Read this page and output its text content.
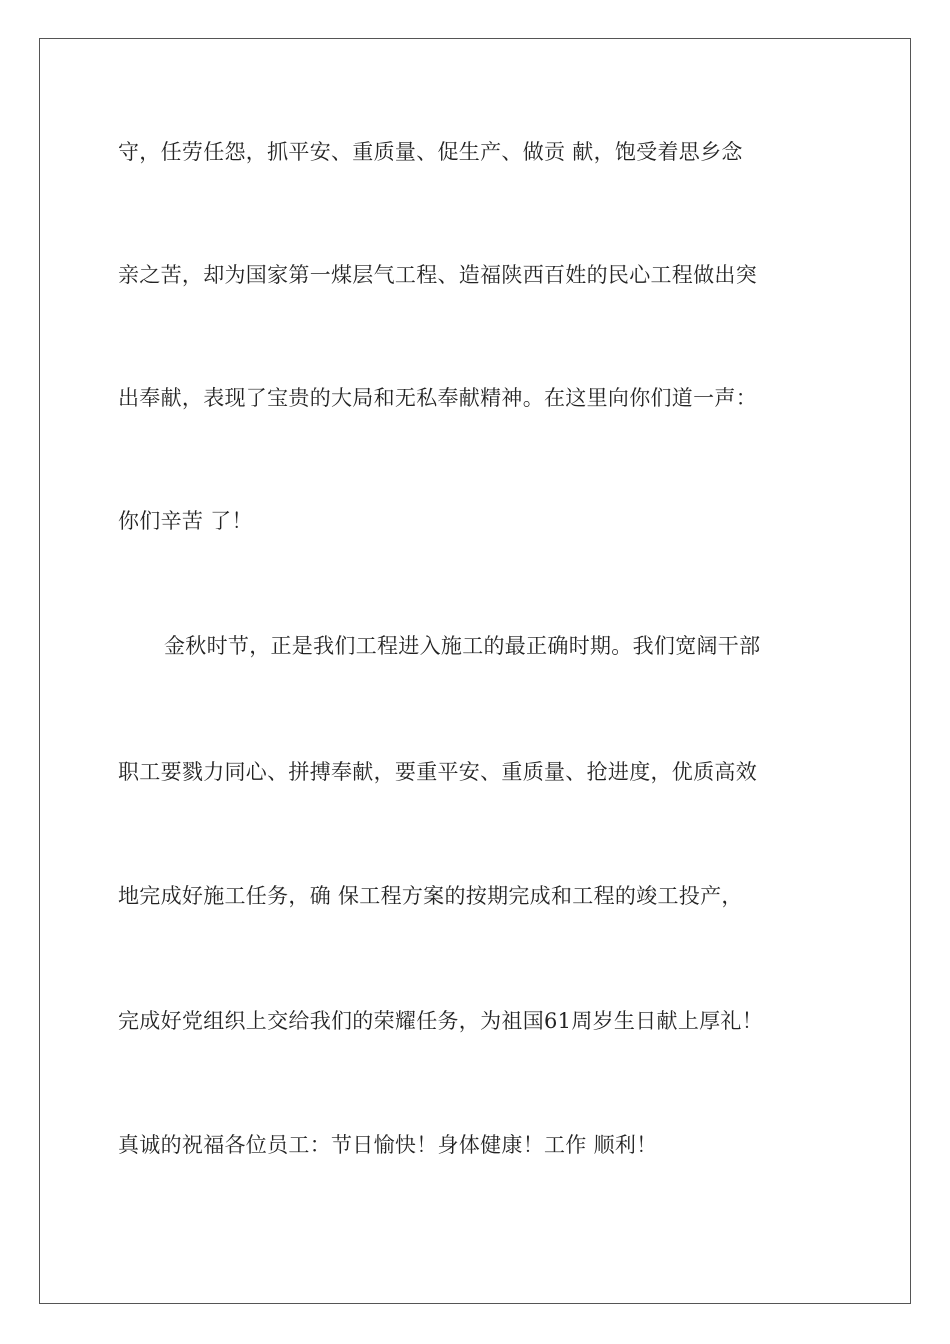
守，任劳任怨，抓平安、重质量、促生产、做贡 献，饱受着思乡念
亲之苦，却为国家第一煤层气工程、造福陕西百姓的民心工程做出突
出奉献，表现了宝贵的大局和无私奉献精神。在这里向你们道一声：
你们辛苦 了！
金秋时节，正是我们工程进入施工的最正确时期。我们宽阔干部
职工要戮力同心、拼搏奉献，要重平安、重质量、抢进度，优质高效
地完成好施工任务，确 保工程方案的按期完成和工程的竣工投产，
完成好党组织上交给我们的荣耀任务，为祖国61周岁生日献上厚礼！
真诚的祝福各位员工：节日愉快！身体健康！工作 顺利！
